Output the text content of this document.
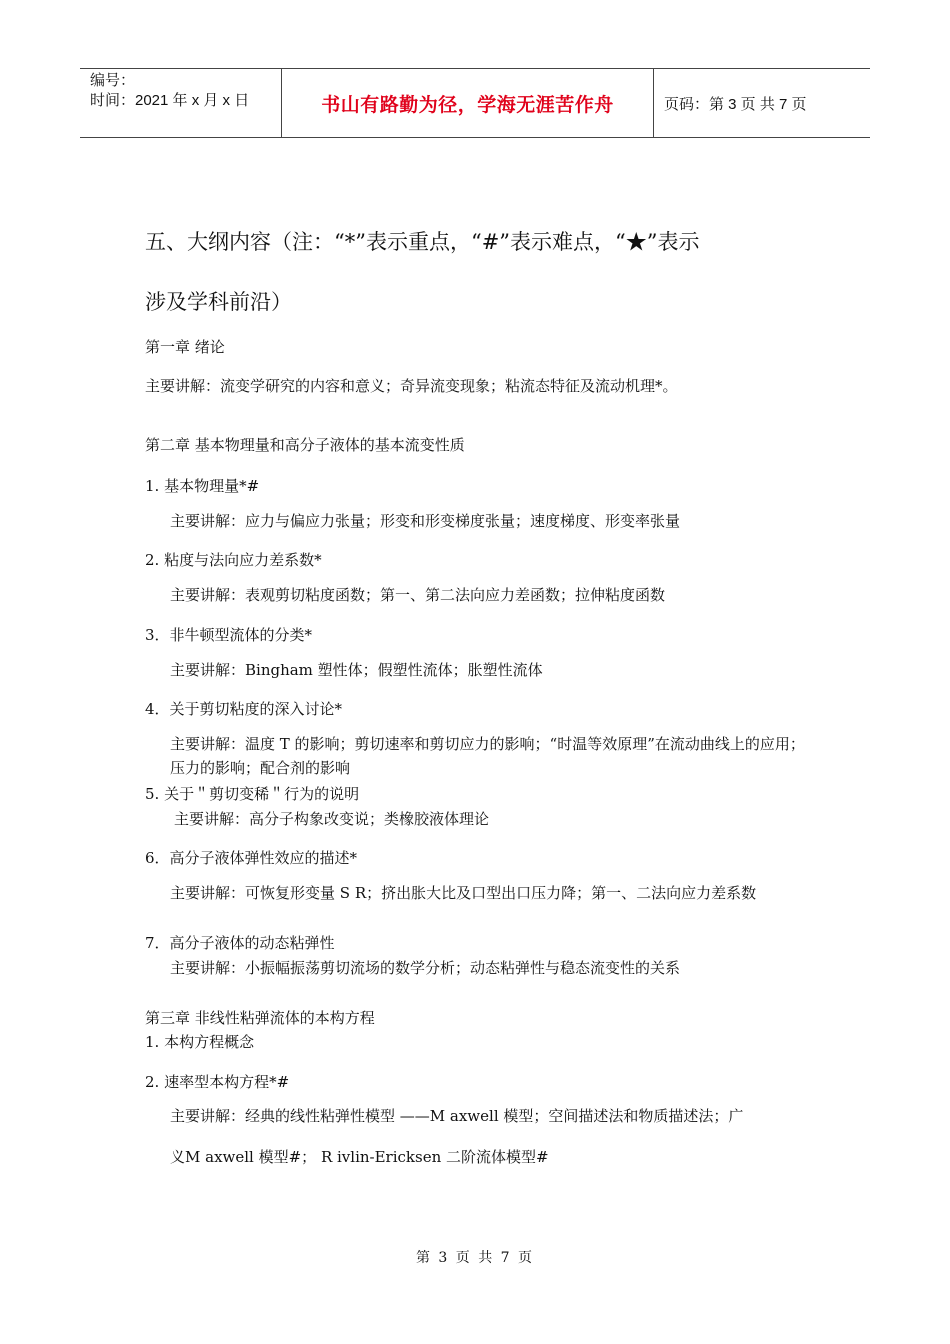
编号：
时间：2021 年 x 月 x 日	书山有路勤为径，学海无涯苦作舟	页码：第 3 页 共 7 页
五、大纲内容（注：“*”表示重点，“#”表示难点，“★”表示
涉及学科前沿）
第一章 绪论
主要讲解：流变学研究的内容和意义；奇异流变现象；粘流态特征及流动机理*。
第二章 基本物理量和高分子液体的基本流变性质
1. 基本物理量*#
主要讲解：应力与偏应力张量；形变和形变梯度张量；速度梯度、形变率张量
2. 粘度与法向应力差系数*
主要讲解：表观剪切粘度函数；第一、第二法向应力差函数；拉伸粘度函数
3．非牛顿型流体的分类*
主要讲解：Bingham 塑性体；假塑性流体；胀塑性流体
4．关于剪切粘度的深入讨论*
主要讲解：温度 T 的影响；剪切速率和剪切应力的影响；“时温等效原理”在流动曲线上的应用；压力的影响；配合剂的影响
5. 关于＂剪切变稀＂行为的说明
主要讲解：高分子构象改变说；类橡胶液体理论
6．高分子液体弹性效应的描述*
主要讲解：可恢复形变量 S R；挤出胀大比及口型出口压力降；第一、二法向应力差系数
7．高分子液体的动态粘弹性
主要讲解：小振幅振荡剪切流场的数学分析；动态粘弹性与稳态流变性的关系
第三章 非线性粘弹流体的本构方程
1. 本构方程概念
2. 速率型本构方程*#
主要讲解：经典的线性粘弹性模型 ——M axwell 模型；空间描述法和物质描述法；广
义M axwell 模型#； R ivlin-Ericksen 二阶流体模型#
第 3 页 共 7 页
